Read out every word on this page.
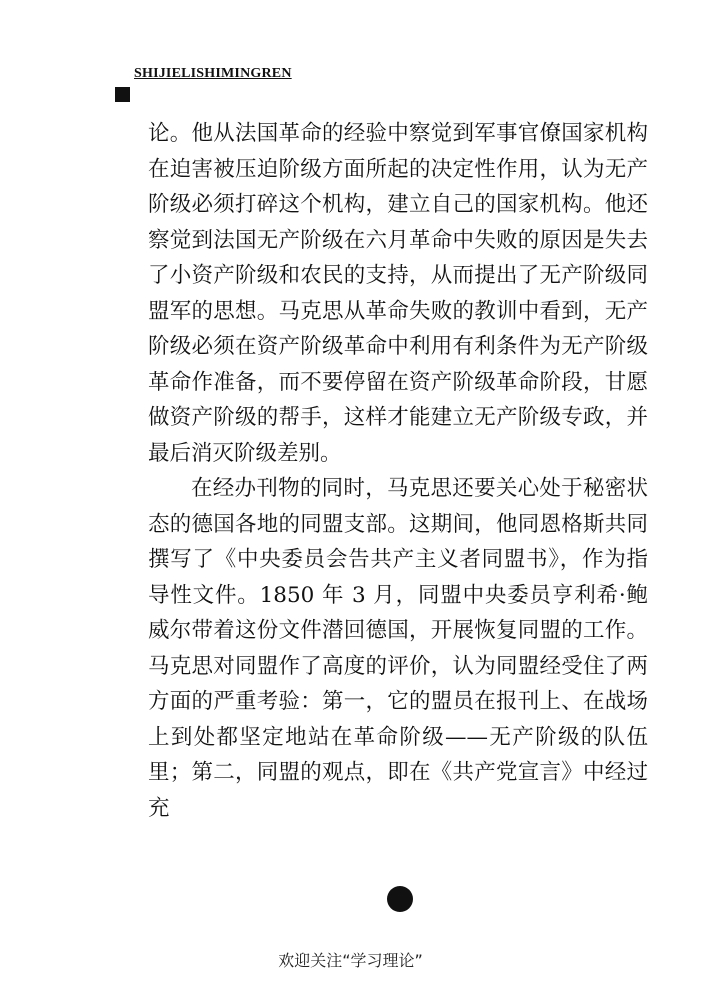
SHIJIELISHIMINGREN

论。他从法国革命的经验中察觉到军事官僚国家机构在迫害被压迫阶级方面所起的决定性作用，认为无产阶级必须打碎这个机构，建立自己的国家机构。他还察觉到法国无产阶级在六月革命中失败的原因是失去了小资产阶级和农民的支持，从而提出了无产阶级同盟军的思想。马克思从革命失败的教训中看到，无产阶级必须在资产阶级革命中利用有利条件为无产阶级革命作准备，而不要停留在资产阶级革命阶段，甘愿做资产阶级的帮手，这样才能建立无产阶级专政，并最后消灭阶级差别。

在经办刊物的同时，马克思还要关心处于秘密状态的德国各地的同盟支部。这期间，他同恩格斯共同撰写了《中央委员会告共产主义者同盟书》，作为指导性文件。1850 年 3 月，同盟中央委员亨利希·鲍威尔带着这份文件潜回德国，开展恢复同盟的工作。马克思对同盟作了高度的评价，认为同盟经受住了两方面的严重考验：第一，它的盟员在报刊上、在战场上到处都坚定地站在革命阶级——无产阶级的队伍里；第二，同盟的观点，即在《共产党宣言》中经过充

欢迎关注“学习理论”
